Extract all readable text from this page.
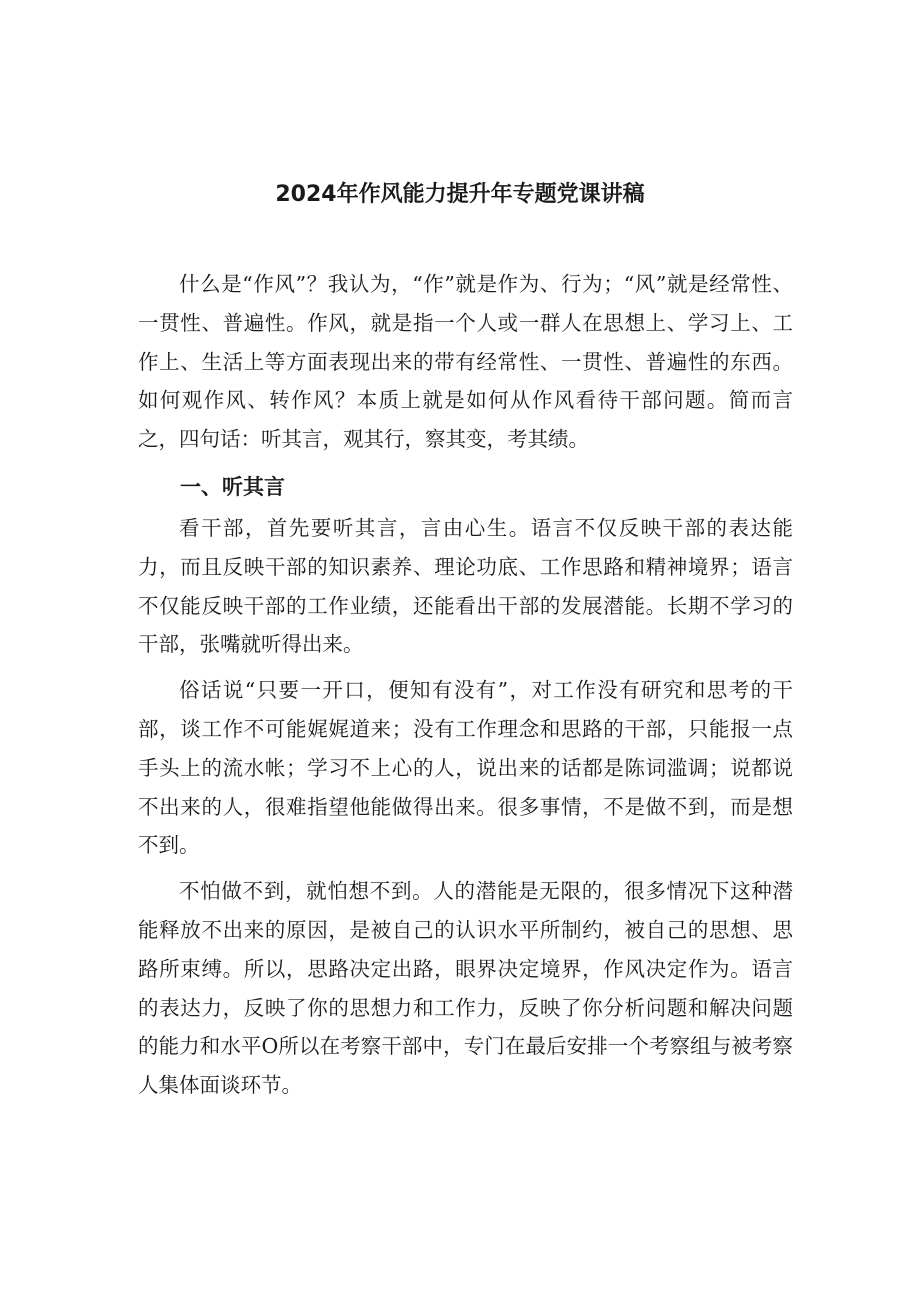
2024年作风能力提升年专题党课讲稿

什么是“作风”？我认为，“作”就是作为、行为；“风”就是经常性、一贯性、普遍性。作风，就是指一个人或一群人在思想上、学习上、工作上、生活上等方面表现出来的带有经常性、一贯性、普遍性的东西。如何观作风、转作风？本质上就是如何从作风看待干部问题。简而言之，四句话：听其言，观其行，察其变，考其绩。

一、听其言

看干部，首先要听其言，言由心生。语言不仅反映干部的表达能力，而且反映干部的知识素养、理论功底、工作思路和精神境界；语言不仅能反映干部的工作业绩，还能看出干部的发展潜能。长期不学习的干部，张嘴就听得出来。

俗话说“只要一开口，便知有没有”，对工作没有研究和思考的干部，谈工作不可能娓娓道来；没有工作理念和思路的干部，只能报一点手头上的流水帐；学习不上心的人，说出来的话都是陈词滥调；说都说不出来的人，很难指望他能做得出来。很多事情，不是做不到，而是想不到。

不怕做不到，就怕想不到。人的潜能是无限的，很多情况下这种潜能释放不出来的原因，是被自己的认识水平所制约，被自己的思想、思路所束缚。所以，思路决定出路，眼界决定境界，作风决定作为。语言的表达力，反映了你的思想力和工作力，反映了你分析问题和解决问题的能力和水平O所以在考察干部中，专门在最后安排一个考察组与被考察人集体面谈环节。
